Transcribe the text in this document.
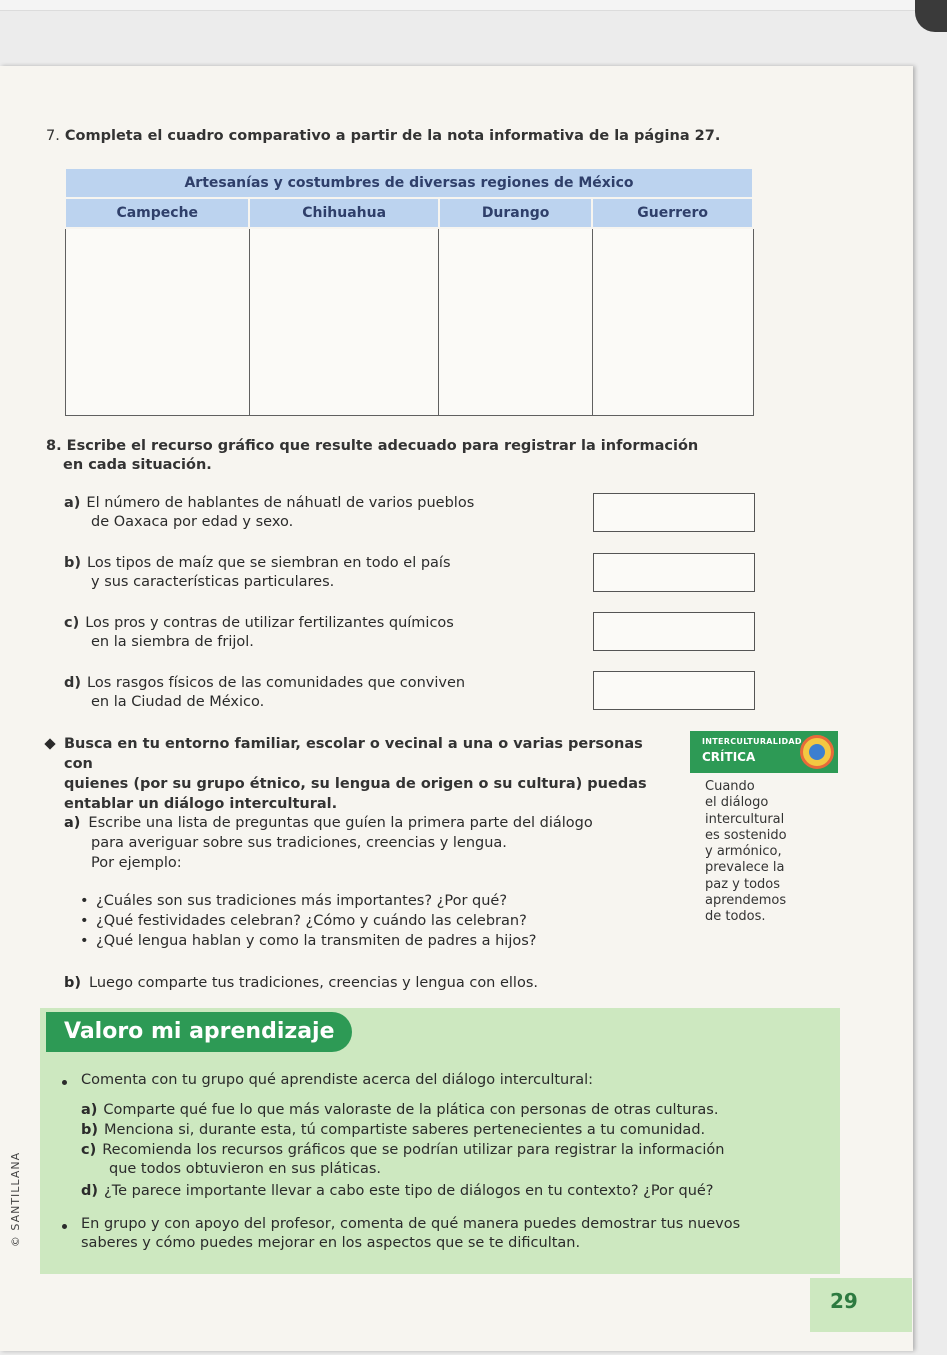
7. Completa el cuadro comparativo a partir de la nota informativa de la página 27.
Artesanías y costumbres de diversas regiones de México			
Campeche	Chihuahua	Durango	Guerrero

8. Escribe el recurso gráfico que resulte adecuado para registrar la información
en cada situación.
a) El número de hablantes de náhuatl de varios pueblos
de Oaxaca por edad y sexo.
b) Los tipos de maíz que se siembran en todo el país
y sus características particulares.
c) Los pros y contras de utilizar fertilizantes químicos
en la siembra de frijol.
d) Los rasgos físicos de las comunidades que conviven
en la Ciudad de México.
Busca en tu entorno familiar, escolar o vecinal a una o varias personas con
quienes (por su grupo étnico, su lengua de origen o su cultura) puedas
entablar un diálogo intercultural.
INTERCULTURALIDAD
CRÍTICA
Cuando
el diálogo
intercultural
es sostenido
y armónico,
prevalece la
paz y todos
aprendemos
de todos.
a) Escribe una lista de preguntas que guíen la primera parte del diálogo
para averiguar sobre sus tradiciones, creencias y lengua.
Por ejemplo:
• ¿Cuáles son sus tradiciones más importantes? ¿Por qué?
• ¿Qué festividades celebran? ¿Cómo y cuándo las celebran?
• ¿Qué lengua hablan y como la transmiten de padres a hijos?
b) Luego comparte tus tradiciones, creencias y lengua con ellos.
Valoro mi aprendizaje
Comenta con tu grupo qué aprendiste acerca del diálogo intercultural:
a) Comparte qué fue lo que más valoraste de la plática con personas de otras culturas.
b) Menciona si, durante esta, tú compartiste saberes pertenecientes a tu comunidad.
c) Recomienda los recursos gráficos que se podrían utilizar para registrar la información
que todos obtuvieron en sus pláticas.
d) ¿Te parece importante llevar a cabo este tipo de diálogos en tu contexto? ¿Por qué?
En grupo y con apoyo del profesor, comenta de qué manera puedes demostrar tus nuevos
saberes y cómo puedes mejorar en los aspectos que se te dificultan.
© SANTILLANA
29
